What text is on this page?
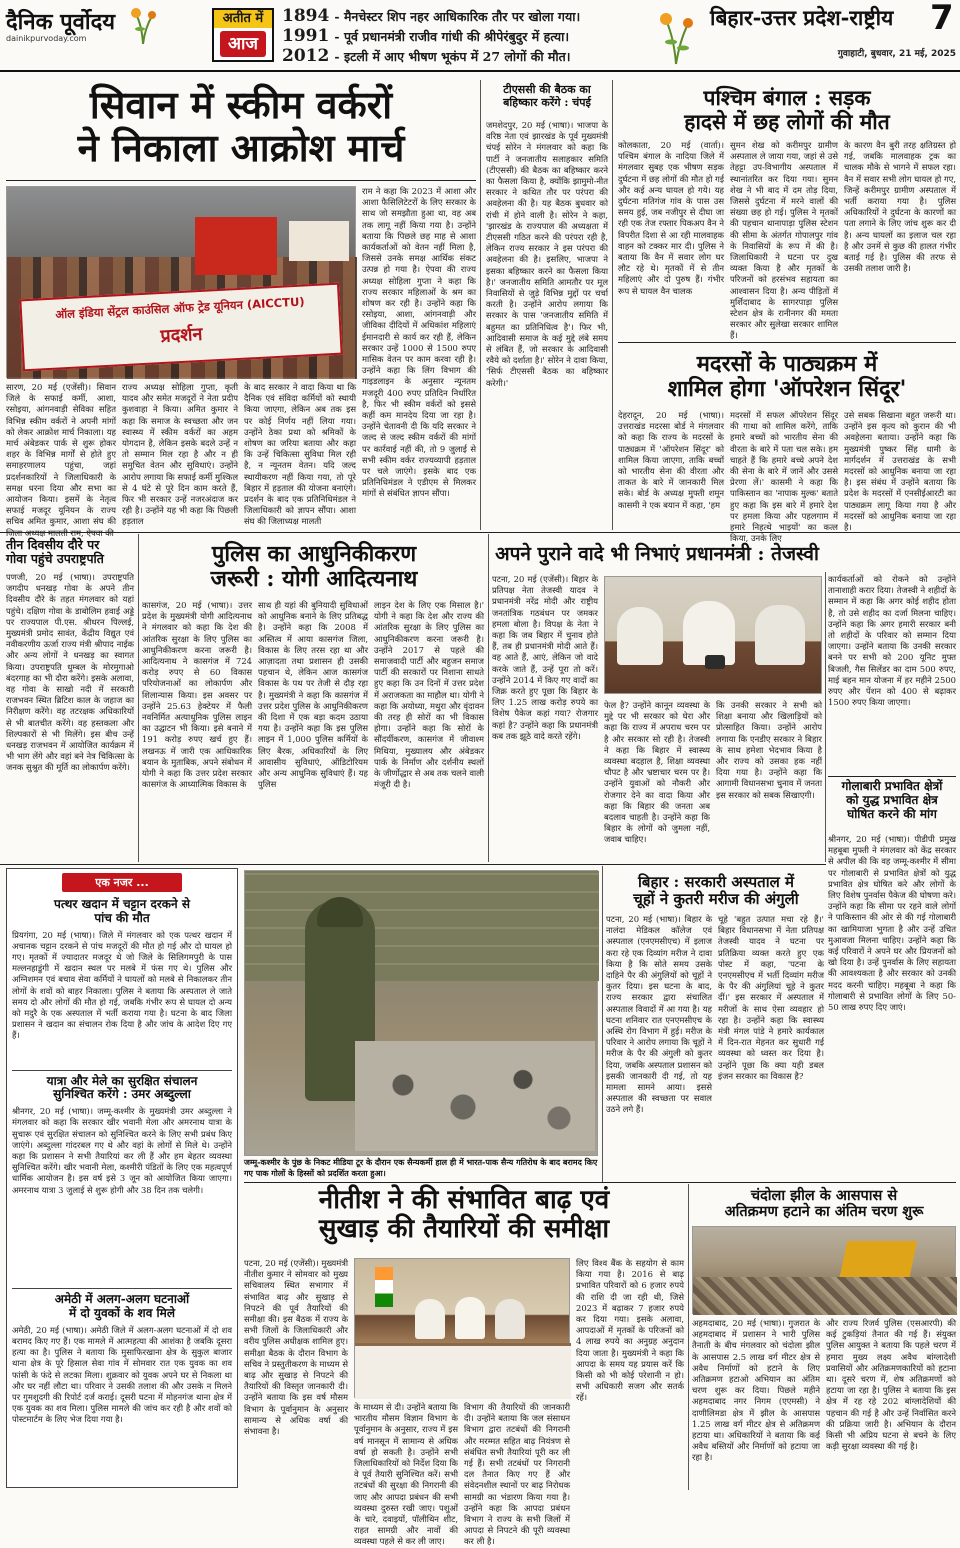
दैनिक पूर्वोदय
dainikpurvoday.com
अतीत में
आज
1894 - मैनचेस्टर शिप नहर आधिकारिक तौर पर खोला गया।
1991 - पूर्व प्रधानमंत्री राजीव गांधी की श्रीपेरंबुदुर में हत्या।
2012 - इटली में आए भीषण भूकंप में 27 लोगों की मौत।
बिहार-उत्तर प्रदेश-राष्ट्रीय	7
गुवाहाटी, बुधवार, 21 मई, 2025
सिवान में स्कीम वर्करों
ने निकाला आक्रोश मार्च
ऑल इंडिया सेंट्रल काउंसिल ऑफ ट्रेड यूनियन (AICCTU)
प्रदर्शन
सारण, 20 मई (एजेंसी)। सिवान जिले के सफाई कर्मी, आशा, रसोइया, आंगनवाड़ी सेविका सहित विभिन्न स्कीम वर्करों ने अपनी मांगों को लेकर आक्रोश मार्च निकाला। यह मार्च अंबेडकर पार्क से शुरू होकर शहर के विभिन्न मार्गों से होते हुए समाहरणालय पहुंचा, जहां प्रदर्शनकारियों ने जिलाधिकारी के समक्ष धरना दिया और सभा का आयोजन किया। इसमें के नेतृत्व सफाई मजदूर यूनियन के राज्य सचिव अमित कुमार, आशा संघ की
राज्य अध्यक्ष सोहिला गुप्ता, कृती यादव और समेत मजदूरों ने नेता प्रदीप कुशवाहा ने किया। अमित कुमार ने कहा कि समाज के स्वच्छता और जन स्वास्थ्य में स्कीम वर्करों का अहम योगदान है, लेकिन इसके बदले उन्हें न तो सम्मान मिल रहा है और न ही समुचित वेतन और सुविधाएं। उन्होंने आरोप लगाया कि सफाई कर्मी मुश्किल से 4 घंटे से पूरे दिन काम करते हैं, फिर भी सरकार उन्हें नजरअंदाज कर रही है। उन्होंने यह भी कहा कि पिछली हड़ताल
के बाद सरकार ने वादा किया था कि दैनिक एवं संविदा कर्मियों को स्थायी किया जाएगा, लेकिन अब तक इस पर कोई निर्णय नहीं लिया गया। उन्होंने ठेका प्रथा को श्रमिकों के शोषण का जरिया बताया और कहा कि उन्हें चिकित्सा सुविधा मिल रही है, न न्यूनतम वेतन। यदि जल्द स्थायीकरण नहीं किया गया, तो पूरे बिहार में हड़ताल की योजना बनाएंगे। प्रदर्शन के बाद एक प्रतिनिधिमंडल ने जिलाधिकारी को ज्ञापन सौंपा। आशा संघ की जिलाध्यक्ष मालती
राम ने कहा कि 2023 में आशा और आशा फैसिलिटेटरों के लिए सरकार के साथ जो समझौता हुआ था, वह अब तक लागू नहीं किया गया है। उन्होंने बताया कि पिछले छह माह से आशा कार्यकर्ताओं को वेतन नहीं मिला है, जिससे उनके समक्ष आर्थिक संकट उत्पन्न हो गया है। ऐपवा की राज्य अध्यक्ष सोहिला गुप्ता ने कहा कि राज्य सरकार महिलाओं के श्रम का शोषण कर रही है। उन्होंने कहा कि रसोइया, आशा, आंगनवाड़ी और जीविका दीदियों में अधिकांश महिलाएं ईमानदारी से कार्य कर रही हैं, लेकिन सरकार उन्हें 1000 से 1500 रुपए मासिक वेतन पर काम करवा रही है। उन्होंने कहा कि लिंग विभाग की गाइडलाइन के अनुसार न्यूनतम मजदूरी 400 रुपए प्रतिदिन निर्धारित है, फिर भी स्कीम वर्करों को इससे कहीं कम मानदेय दिया जा रहा है। उन्होंने चेतावनी दी कि यदि सरकार ने जल्द से जल्द स्कीम वर्करों की मांगों पर कार्रवाई नहीं की, तो 9 जुलाई से सभी स्कीम वर्कर राज्यव्यापी हड़ताल पर चले जाएंगे। इसके बाद एक प्रतिनिधिमंडल ने एडीएम से मिलकर मांगों से संबंधित ज्ञापन सौंपा।
टीएससी की बैठक का बहिष्कार करेंगे : चंपई
जमशेदपुर, 20 मई (भाषा)। भाजपा के वरिष्ठ नेता एवं झारखंड के पूर्व मुख्यमंत्री चंपई सोरेन ने मंगलवार को कहा कि पार्टी ने जनजातीय सलाहकार समिति (टीएससी) की बैठक का बहिष्कार करने का फैसला किया है, क्योंकि झामुमो-नीत सरकार ने कथित तौर पर परंपरा की अवहेलना की है। यह बैठक बुधवार को रांची में होने वाली है। सोरेन ने कहा, 'झारखंड के राज्यपाल की अध्यक्षता में टीएससी गठित करने की परंपरा रही है, लेकिन राज्य सरकार ने इस परंपरा की अवहेलना की है। इसलिए, भाजपा ने इसका बहिष्कार करने का फैसला किया है।' जनजातीय समिति आमतौर पर मूल निवासियों से जुड़े विभिन्न मुद्दों पर चर्चा करती है। उन्होंने आरोप लगाया कि सरकार के पास 'जनजातीय समिति में बहुमत का प्रतिनिधित्व है'। फिर भी, आदिवासी समाज के कई मुद्दे लंबे समय से लंबित हैं, जो सरकार के आदिवासी रवैये को दर्शाता है।' सोरेन ने दावा किया, 'सिर्फ टीएससी बैठक का बहिष्कार करेगी।'
पश्चिम बंगाल : सड़क
हादसे में छह लोगों की मौत
कोलकाता, 20 मई (वार्ता)। पश्चिम बंगाल के नादिया जिले में मंगलवार सुबह एक भीषण सड़क दुर्घटना में छह लोगों की मौत हो गई और कई अन्य घायल हो गये। यह दुर्घटना मतिगंज गांव के पास उस समय हुई, जब नजीपुर से दीघा जा रही एक तेज रफ्तार पिकअप वैन ने विपरीत दिशा से आ रही मालवाहक वाहन को टक्कर मार दी। पुलिस ने बताया कि वैन में सवार लोग घर लौट रहे थे। मृतकों में से तीन महिलाएं और दो पुरुष हैं। गंभीर रूप से घायल वैन चालक
सुमन शेख को करीमपुर ग्रामीण अस्पताल ले जाया गया, जहां से उसे तेहट्टा उप-विभागीय अस्पताल में स्थानांतरित कर दिया गया। सुमन शेख ने भी बाद में दम तोड़ दिया, जिससे दुर्घटना में मरने वालों की संख्या छह हो गई। पुलिस ने मृतकों की पहचान थानापाड़ा पुलिस स्टेशन की सीमा के अंतर्गत गोपालपुर गांव के निवासियों के रूप में की है। जिलाधिकारी ने घटना पर दुख व्यक्त किया है और मृतकों के परिजनों को हरसंभव सहायता का आश्वासन दिया है। अन्य पीड़ितों में मुर्शिदाबाद के सागरपाड़ा पुलिस स्टेशन क्षेत्र के रानीनगर की ममता सरकार और सुलेखा सरकार शामिल हैं।
के कारण वैन बुरी तरह क्षतिग्रस्त हो गई, जबकि मालवाहक ट्रक का चालक मौके से भागने में सफल रहा। वैन में सवार सभी लोग घायल हो गए, जिन्हें करीमपुर ग्रामीण अस्पताल में भर्ती कराया गया है। पुलिस अधिकारियों ने दुर्घटना के कारणों का पता लगाने के लिए जांच शुरू कर दी है। अन्य घायलों का इलाज चल रहा है और उनमें से कुछ की हालत गंभीर बताई गई है। पुलिस की तरफ से उसकी तलाश जारी है।
मदरसों के पाठ्यक्रम में
शामिल होगा 'ऑपरेशन सिंदूर'
देहरादून, 20 मई (भाषा)। उत्तराखंड मदरसा बोर्ड ने मंगलवार को कहा कि राज्य के मदरसों के पाठ्यक्रम में 'ऑपरेशन सिंदूर' को शामिल किया जाएगा, ताकि बच्चों को भारतीय सेना की वीरता और ताकत के बारे में जानकारी मिल सके। बोर्ड के अध्यक्ष मुफ्ती शमून कासमी ने एक बयान में कहा, 'हम
मदरसों में सफल ऑपरेशन सिंदूर की गाथा को शामिल करेंगे, ताकि हमारे बच्चों को भारतीय सेना की वीरता के बारे में पता चल सके। हम चाहते हैं कि हमारे बच्चे अपने देश की सेना के बारे में जानें और उससे प्रेरणा लें।' कासमी ने कहा कि पाकिस्तान का 'नापाक मुल्क' बताते हुए कहा कि इस बारे में हमारे देश पर हमला किया और पहलगाम में हमारे निहत्थे भाइयों' का कत्ल किया, उनके लिए
उसे सबक सिखाना बहुत जरूरी था। उन्होंने इस कृत्य को कुरान की भी अवहेलना बताया। उन्होंने कहा कि मुख्यमंत्री पुष्कर सिंह धामी के मार्गदर्शन में उत्तराखंड के सभी मदरसों को आधुनिक बनाया जा रहा है। इस संबंध में उन्होंने बताया कि प्रदेश के मदरसों में एनसीईआरटी का पाठ्यक्रम लागू किया गया है और मदरसों को आधुनिक बनाया जा रहा है।
तीन दिवसीय दौरे पर
गोवा पहुंचे उपराष्ट्रपति
पणजी, 20 मई (भाषा)। उपराष्ट्रपति जगदीप धनखड़ गोवा के अपने तीन दिवसीय दौरे के तहत मंगलवार को यहां पहुंचे। दक्षिण गोवा के डाबोलिम हवाई अड्डे पर राज्यपाल पी.एस. श्रीधरन पिल्लई, मुख्यमंत्री प्रमोद सावंत, केंद्रीय विद्युत एवं नवीकरणीय ऊर्जा राज्य मंत्री श्रीपाद नाईक और अन्य लोगों ने धनखड़ का स्वागत किया। उपराष्ट्रपति धुम्बल के मोरमुगाओ बंदरगाह का भी दौरा करेंगे। इसके अलावा, वह गोवा के साखो नदी में सरकारी राजभवन स्थित ब्रिटिश काल के जहाज का निरीक्षण करेंगे। वह तटरक्षक अधिकारियों से भी बातचीत करेंगे। वह हस्तकला और शिल्पकारों से भी मिलेंगे। इस बीच उन्हें धनखड़ राजभवन में आयोजित कार्यक्रम में भी भाग लेंगे और वहां बने नेत्र चिकित्सा के जनक सुश्रुत की मूर्ति का लोकार्पण करेंगे।
पुलिस का आधुनिकीकरण
जरूरी : योगी आदित्यनाथ
कासगंज, 20 मई (भाषा)। उत्तर प्रदेश के मुख्यमंत्री योगी आदित्यनाथ ने मंगलवार को कहा कि देश की आंतरिक सुरक्षा के लिए पुलिस का आधुनिकीकरण करना जरूरी है। आदित्यनाथ ने कासगंज में 724 करोड़ रुपए से 60 विकास परियोजनाओं का लोकार्पण और शिलान्यास किया। इस अवसर पर उन्होंने 25.63 हेक्टेयर में फैली नवनिर्मित अत्याधुनिक पुलिस लाइन का उद्घाटन भी किया। इसे बनाने में 191 करोड़ रुपए खर्च हुए हैं। लखनऊ में जारी एक आधिकारिक बयान के मुताबिक, अपने संबोधन में योगी ने कहा कि उत्तर प्रदेश सरकार कासगंज के आध्यात्मिक विकास के
साथ ही यहां की बुनियादी सुविधाओं को आधुनिक बनाने के लिए प्रतिबद्ध है। उन्होंने कहा कि 2008 में अस्तित्व में आया कासगंज जिला, विकास के लिए तरस रहा था और आज़ादता तथा प्रशासन ही उसकी पहचान थे, लेकिन आज कासगंज विकास के पथ पर तेजी से दौड़ रहा है। मुख्यमंत्री ने कहा कि कासगंज में उत्तर प्रदेश पुलिस के आधुनिकीकरण की दिशा में एक बड़ा कदम उठाया गया है। उन्होंने कहा कि इस पुलिस लाइन में 1,000 पुलिस कर्मियों के लिए बैरक, अधिकारियों के लिए आवासीय सुविधाएं, ऑडिटोरियम और अन्य आधुनिक सुविधाएं हैं। यह पुलिस
लाइन देश के लिए एक मिसाल है।' योगी ने कहा कि देश और राज्य की आंतरिक सुरक्षा के लिए पुलिस का आधुनिकीकरण करना जरूरी है। उन्होंने 2017 से पहले की समाजवादी पार्टी और बहुजन समाज पार्टी की सरकारों पर निशाना साधते हुए कहा कि उन दिनों में उत्तर प्रदेश में अराजकता का माहौल था। योगी ने कहा कि अयोध्या, मथुरा और वृंदावन की तरह ही सोरों का भी विकास होगा। उन्होंने कहा कि सोरों के सौंदर्यीकरण, कासगंज में जीवाश्म मिथिया, मुख्यालय और अंबेडकर पार्क के निर्माण और दर्शनीय स्थलों के जीर्णोद्धार से अब तक चलने वाली मंजूरी दी है।
अपने पुराने वादे भी निभाएं प्रधानमंत्री : तेजस्वी
पटना, 20 मई (एजेंसी)। बिहार के प्रतिपक्ष नेता तेजस्वी यादव ने प्रधानमंत्री नरेंद्र मोदी और राष्ट्रीय जनतांत्रिक गठबंधन पर जमकर हमला बोला है। विपक्ष के नेता ने कहा कि जब बिहार में चुनाव होते हैं, तब ही प्रधानमंत्री मोदी आते हैं। वह आते हैं, आएं, लेकिन जो वादे करके जाते हैं, उन्हें पूरा तो करें। उन्होंने 2014 में किए गए वादों का जिक्र करते हुए पूछा कि बिहार के लिए 1.25 लाख करोड़ रुपये का विशेष पैकेज कहां गया? रोजगार कहां है? उन्होंने कहा कि प्रधानमंत्री कब तक झूठे वादे करते रहेंगे।
फेल है? उन्होंने कानून व्यवस्था के मुद्दे पर भी सरकार को घेरा और कहा कि राज्य में अपराध चरम पर है और सरकार सो रही है। तेजस्वी ने कहा कि बिहार में स्वास्थ्य व्यवस्था बदहाल है, शिक्षा व्यवस्था चौपट है और भ्रष्टाचार चरम पर है। उन्होंने युवाओं को नौकरी और रोजगार देने का वादा किया और कहा कि बिहार की जनता अब बदलाव चाहती है। उन्होंने कहा कि बिहार के लोगों को जुमला नहीं, जवाब चाहिए।
कि उनकी सरकार ने सभी को शिक्षा बनाया और खिलाड़ियों को प्रोत्साहित किया। उन्होंने आरोप लगाया कि एनडीए सरकार ने बिहार के साथ हमेशा भेदभाव किया है और राज्य को उसका हक नहीं दिया गया है। उन्होंने कहा कि आगामी विधानसभा चुनाव में जनता इस सरकार को सबक सिखाएगी।
कार्यकर्ताओं को रोकने को उन्होंने तानाशाही करार दिया। तेजस्वी ने शहीदों के सम्मान में कहा कि अगर कोई शहीद होता है, तो उसे शहीद का दर्जा मिलना चाहिए। उन्होंने कहा कि अगर हमारी सरकार बनी तो शहीदों के परिवार को सम्मान दिया जाएगा। उन्होंने बताया कि उनकी सरकार बनने पर सभी को 200 यूनिट मुफ्त बिजली, गैस सिलेंडर का दाम 500 रुपए, माई बहन मान योजना में हर महीने 2500 रुपए और पेंशन को 400 से बढ़ाकर 1500 रुपए किया जाएगा।
गोलाबारी प्रभावित क्षेत्रों
को युद्ध प्रभावित क्षेत्र
घोषित करने की मांग
श्रीनगर, 20 मई (भाषा)। पीडीपी प्रमुख महबूबा मुफ्ती ने मंगलवार को केंद्र सरकार से अपील की कि वह जम्मू-कश्मीर में सीमा पर गोलाबारी से प्रभावित क्षेत्रों को युद्ध प्रभावित क्षेत्र घोषित करे और लोगों के लिए विशेष पुनर्वास पैकेज की घोषणा करे। उन्होंने कहा कि सीमा पर रहने वाले लोगों ने पाकिस्तान की ओर से की गई गोलाबारी का खामियाजा भुगता है और उन्हें उचित मुआवजा मिलना चाहिए। उन्होंने कहा कि कई परिवारों ने अपने घर और प्रियजनों को खो दिया है। उन्हें पुनर्वास के लिए सहायता की आवश्यकता है और सरकार को उनकी मदद करनी चाहिए। महबूबा ने कहा कि गोलाबारी से प्रभावित लोगों के लिए 50-50 लाख रुपए दिए जाएं।
एक नजर ...
पत्थर खदान में चट्टान दरकने से
पांच की मौत
प्रियगंगा, 20 मई (भाषा)। जिले में मंगलवार को एक पत्थर खदान में अचानक चट्टान दरकने से पांच मजदूरों की मौत हो गई और दो घायल हो गए। मृतकों में ज्यादातर मजदूर थे जो जिले के सिलिगमपुरी के पास मल्लनहाडुंगी में खदान स्थल पर मलबे में फंस गए थे। पुलिस और अग्निशमन एवं बचाव सेवा कर्मियों ने घायलों को मलबे से निकालकर तीन लोगों के शवों को बाहर निकाला। पुलिस ने बताया कि अस्पताल ले जाते समय दो और लोगों की मौत हो गई, जबकि गंभीर रूप से घायल दो अन्य को मदुरै के एक अस्पताल में भर्ती कराया गया है। घटना के बाद जिला प्रशासन ने खदान का संचालन रोक दिया है और जांच के आदेश दिए गए हैं।
यात्रा और मेले का सुरक्षित संचालन
सुनिश्चित करेंगे : उमर अब्दुल्ला
श्रीनगर, 20 मई (भाषा)। जम्मू-कश्मीर के मुख्यमंत्री उमर अब्दुल्ला ने मंगलवार को कहा कि सरकार खीर भवानी मेला और अमरनाथ यात्रा के सुचारू एवं सुरक्षित संचालन को सुनिश्चित करने के लिए सभी प्रबंध किए जाएंगे। अब्दुल्ला गांदरबल गए थे और वहां के लोगों से मिले थे। उन्होंने कहा कि प्रशासन ने सभी तैयारियां कर ली हैं और हम बेहतर व्यवस्था सुनिश्चित करेंगे। खीर भवानी मेला, कश्मीरी पंडितों के लिए एक महत्वपूर्ण धार्मिक आयोजन है। इस वर्ष इसे 3 जून को आयोजित किया जाएगा। अमरनाथ यात्रा 3 जुलाई से शुरू होगी और 38 दिन तक चलेगी।
अमेठी में अलग-अलग घटनाओं
में दो युवकों के शव मिले
अमेठी, 20 मई (भाषा)। अमेठी जिले में अलग-अलग घटनाओं में दो शव बरामद किए गए हैं। एक मामले में आत्महत्या की आशंका है जबकि दूसरा हत्या का है। पुलिस ने बताया कि मुसाफिरखाना क्षेत्र के सुकुल बाजार थाना क्षेत्र के पूरे हिसाल सेवा गांव में सोमवार रात एक युवक का शव फांसी के फंदे से लटका मिला। शुक्रवार को युवक अपने घर से निकला था और घर नहीं लौटा था। परिवार ने उसकी तलाश की और उसके न मिलने पर गुमशुदगी की रिपोर्ट दर्ज कराई। दूसरी घटना में मोहनगंज थाना क्षेत्र में एक युवक का शव मिला। पुलिस मामले की जांच कर रही है और शवों को पोस्टमार्टम के लिए भेज दिया गया है।
जम्मू-कश्मीर के पुंछ के निकट मीडिया टूर के दौरान एक सैन्यकर्मी हाल ही में भारत-पाक सैन्य गतिरोध के बाद बरामद किए गए पाक गोलों के हिस्सों को प्रदर्शित करता हुआ।
बिहार : सरकारी अस्पताल में
चूहों ने कुतरी मरीज की अंगुली
पटना, 20 मई (भाषा)। बिहार के नालंदा मेडिकल कॉलेज एवं अस्पताल (एनएमसीएच) में इलाज करा रहे एक दिव्यांग मरीज ने दावा किया है कि सोते समय उसके दाहिने पैर की अंगुलियों को चूहों ने कुतर दिया। इस घटना के बाद, राज्य सरकार द्वारा संचालित अस्पताल विवादों में आ गया है। यह घटना शनिवार रात एनएमसीएच के अस्थि रोग विभाग में हुई। मरीज के परिवार ने आरोप लगाया कि चूहों ने मरीज के पैर की अंगुली को कुतर दिया, जबकि अस्पताल प्रशासन को इसकी जानकारी दी गई, तो यह मामला सामने आया। इससे अस्पताल की स्वच्छता पर सवाल उठने लगे हैं।
चूहे 'बहुत उत्पात मचा रहे हैं।' बिहार विधानसभा में नेता प्रतिपक्ष तेजस्वी यादव ने घटना पर प्रतिक्रिया व्यक्त करते हुए एक पोस्ट में कहा, 'पटना के एनएमसीएच में भर्ती दिव्यांग मरीज के पैर की अंगुलियां चूहे ने कुतर दीं।' इस सरकार में अस्पताल में मरीजों के साथ ऐसा व्यवहार हो रहा है। उन्होंने कहा कि स्वास्थ्य मंत्री मंगल पांडे ने हमारे कार्यकाल में दिन-रात मेहनत कर सुधारी गई व्यवस्था को ध्वस्त कर दिया है। उन्होंने पूछा कि क्या यही डबल इंजन सरकार का विकास है?
नीतीश ने की संभावित बाढ़ एवं
सुखाड़ की तैयारियों की समीक्षा
पटना, 20 मई (एजेंसी)। मुख्यमंत्री नीतीश कुमार ने सोमवार को मुख्य सचिवालय स्थित सभागार में संभावित बाढ़ और सुखाड़ से निपटने की पूर्व तैयारियों की समीक्षा की। इस बैठक में राज्य के सभी जिलों के जिलाधिकारी और वरीय पुलिस अधीक्षक शामिल हुए। समीक्षा बैठक के दौरान विभाग के सचिव ने प्रस्तुतीकरण के माध्यम से बाढ़ और सुखाड़ से निपटने की तैयारियों की विस्तृत जानकारी दी। उन्होंने बताया कि इस वर्ष मौसम विभाग के पूर्वानुमान के अनुसार सामान्य से अधिक वर्षा की संभावना है।
के माध्यम से दी। उन्होंने बताया कि भारतीय मौसम विज्ञान विभाग के पूर्वानुमान के अनुसार, राज्य में इस वर्ष मानसून में सामान्य से अधिक वर्षा हो सकती है। उन्होंने सभी जिलाधिकारियों को निर्देश दिया कि वे पूर्व तैयारी सुनिश्चित करें। सभी तटबंधों की सुरक्षा की निगरानी की जाए और आपदा प्रबंधन की सभी व्यवस्था दुरुस्त रखी जाए। पशुओं के चारे, दवाइयों, पॉलीथिन शीट, राहत सामग्री और नावों की व्यवस्था पहले से कर ली जाए।
विभाग की तैयारियों की जानकारी दी। उन्होंने बताया कि जल संसाधन विभाग द्वारा तटबंधों की निगरानी और मरम्मत सहित बाढ़ नियंत्रण से संबंधित सभी तैयारियां पूरी कर ली गई हैं। सभी तटबंधों पर निगरानी दल तैनात किए गए हैं और संवेदनशील स्थानों पर बाढ़ निरोधक सामग्री का भंडारण किया गया है। उन्होंने कहा कि आपदा प्रबंधन विभाग ने राज्य के सभी जिलों में आपदा से निपटने की पूरी व्यवस्था कर ली है।
लिए विश्व बैंक के सहयोग से काम किया गया है। 2016 से बाढ़ प्रभावित परिवारों को 6 हजार रुपये की राशि दी जा रही थी, जिसे 2023 में बढ़ाकर 7 हजार रुपये कर दिया गया। इसके अलावा, आपदाओं में मृतकों के परिजनों को 4 लाख रुपये का अनुग्रह अनुदान दिया जाता है। मुख्यमंत्री ने कहा कि आपदा के समय यह प्रयास करें कि किसी को भी कोई परेशानी न हो। सभी अधिकारी सजग और सतर्क रहें।
चंदोला झील के आसपास से
अतिक्रमण हटाने का अंतिम चरण शुरू
अहमदाबाद, 20 मई (भाषा)। गुजरात के अहमदाबाद में प्रशासन ने भारी पुलिस तैनाती के बीच मंगलवार को चंदोला झील के आसपास 2.5 लाख वर्ग मीटर क्षेत्र से अवैध निर्माणों को हटाने के लिए अतिक्रमण हटाओ अभियान का अंतिम चरण शुरू कर दिया। पिछले महीने अहमदाबाद नगर निगम (एएमसी) ने दाणीलिमडा क्षेत्र में झील के आसपास 1.25 लाख वर्ग मीटर क्षेत्र से अतिक्रमण हटाया था। अधिकारियों ने बताया कि कई अवैध बस्तियों और निर्माणों को हटाया जा रहा है।
और राज्य रिजर्व पुलिस (एसआरपी) की कई टुकड़ियां तैनात की गई हैं। संयुक्त पुलिस आयुक्त ने बताया कि पहले चरण में हमारा मुख्य लक्ष्य अवैध बांग्लादेशी प्रवासियों और अतिक्रमणकारियों को हटाना था। दूसरे चरण में, शेष अतिक्रमणों को हटाया जा रहा है। पुलिस ने बताया कि इस क्षेत्र में रह रहे 202 बांग्लादेशियों की पहचान की गई है और उन्हें निर्वासित करने की प्रक्रिया जारी है। अभियान के दौरान किसी भी अप्रिय घटना से बचने के लिए कड़ी सुरक्षा व्यवस्था की गई है।
